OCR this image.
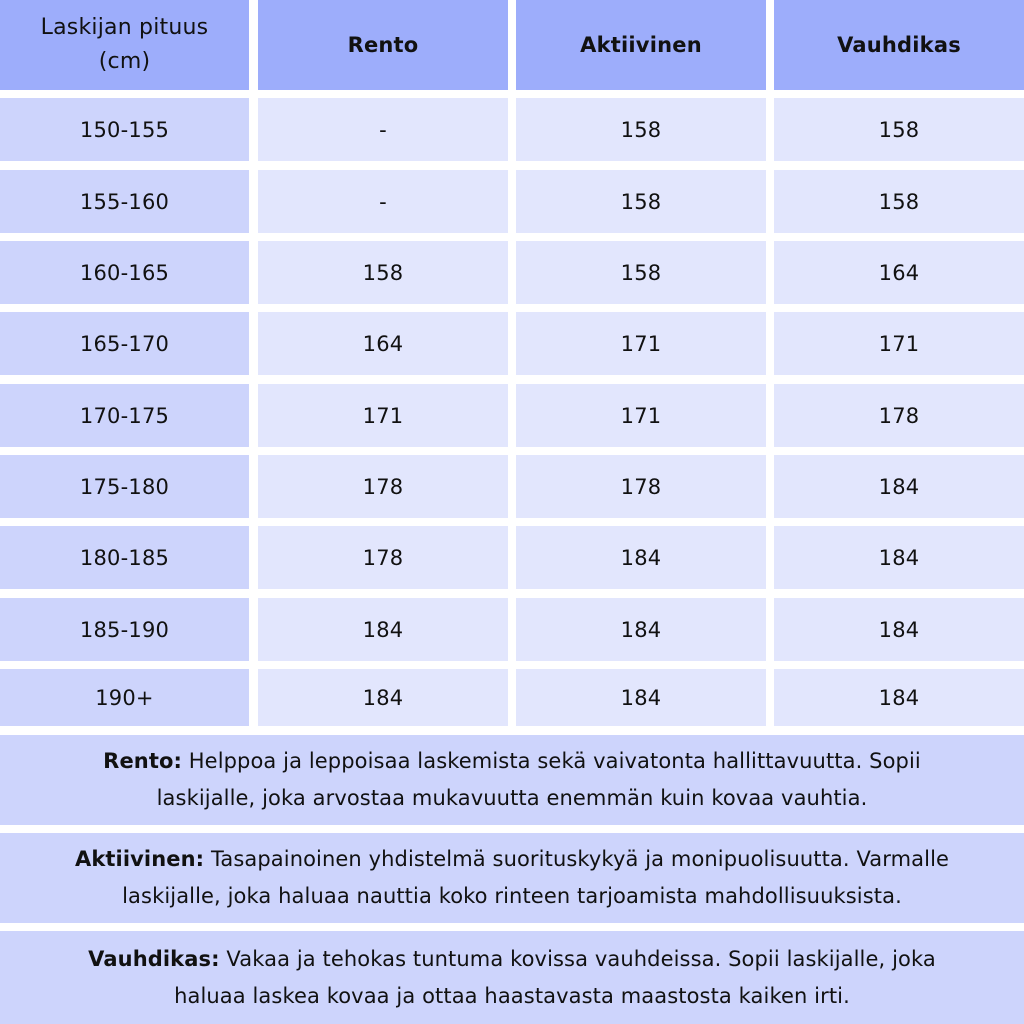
Laskijan pituus
(cm)
Rento	Aktiivinen	Vauhdikas
150-155	-	158	158
155-160	-	158	158
160-165	158	158	164
165-170	164	171	171
170-175	171	171	178
175-180	178	178	184
180-185	178	184	184
185-190	184	184	184
190+	184	184	184
Rento: Helppoa ja leppoisaa laskemista sekä vaivatonta hallittavuutta. Sopii
laskijalle, joka arvostaa mukavuutta enemmän kuin kovaa vauhtia.
Aktiivinen: Tasapainoinen yhdistelmä suorituskykyä ja monipuolisuutta. Varmalle
laskijalle, joka haluaa nauttia koko rinteen tarjoamista mahdollisuuksista.
Vauhdikas: Vakaa ja tehokas tuntuma kovissa vauhdeissa. Sopii laskijalle, joka
haluaa laskea kovaa ja ottaa haastavasta maastosta kaiken irti.
